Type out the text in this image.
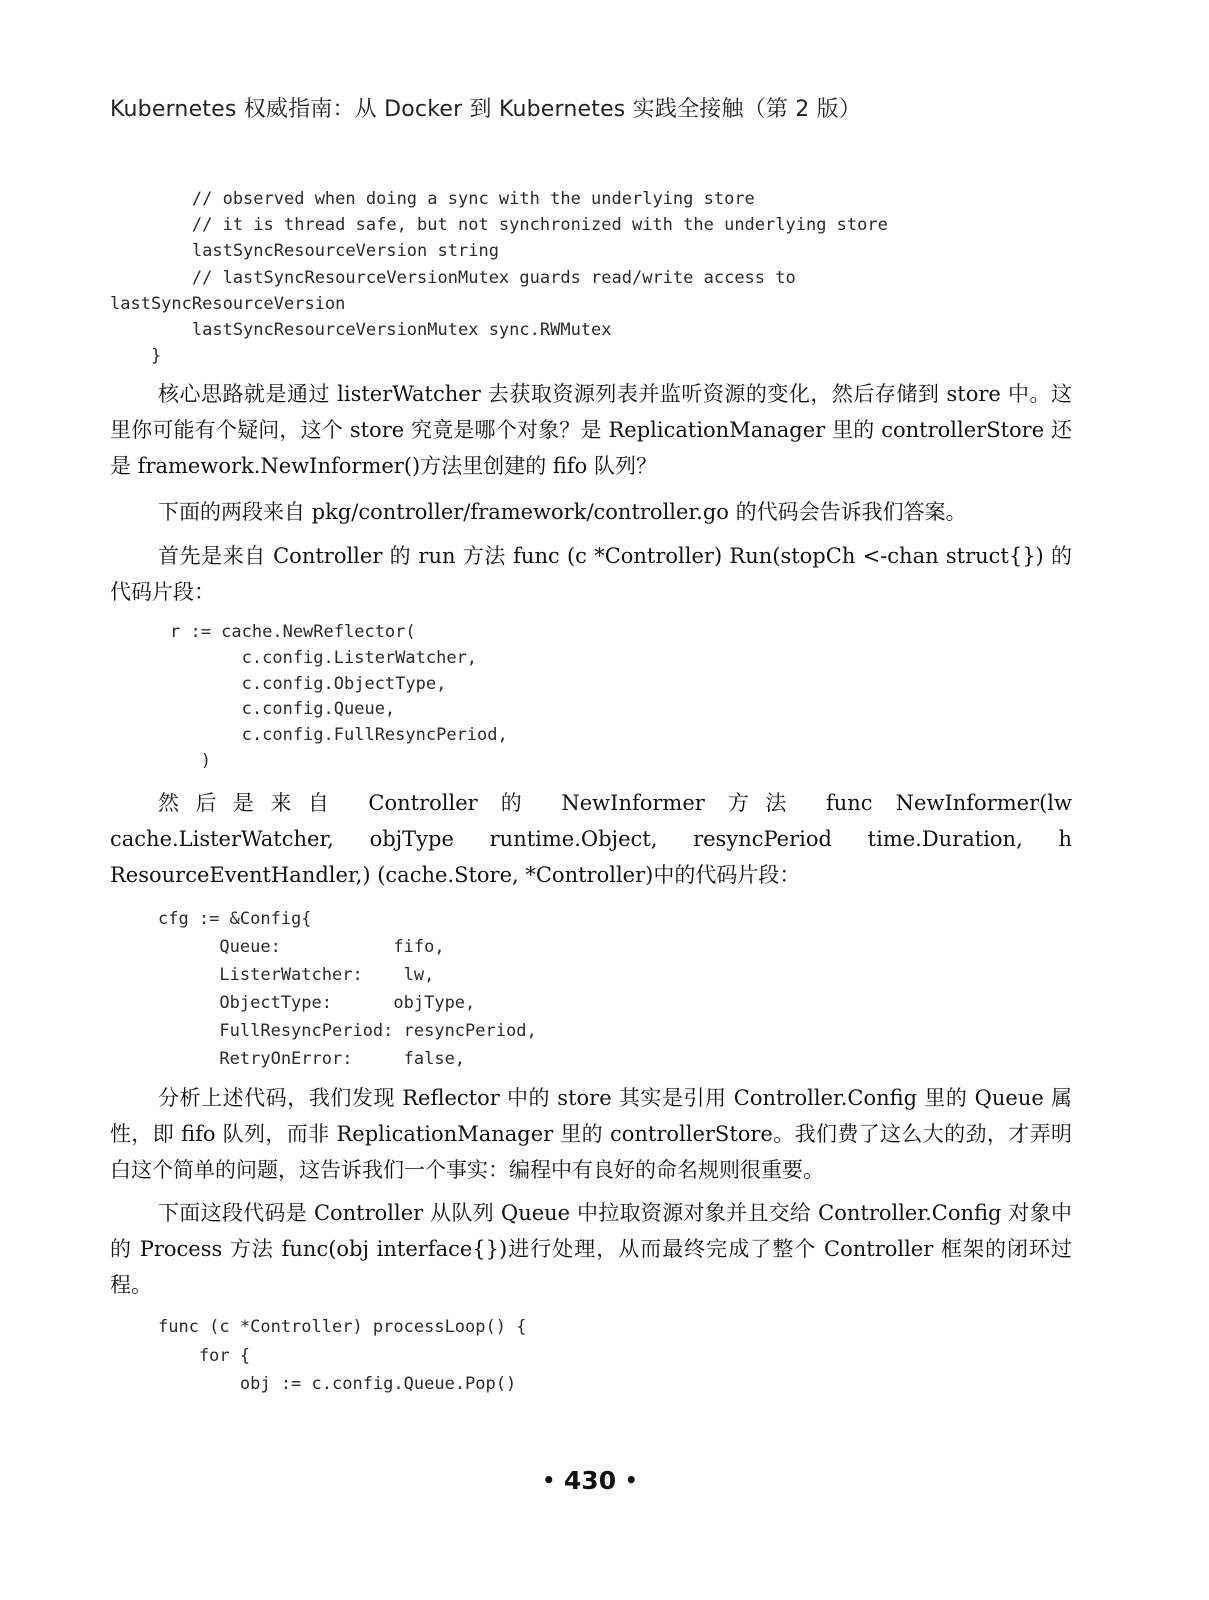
Kubernetes 权威指南：从 Docker 到 Kubernetes 实践全接触（第 2 版）
// observed when doing a sync with the underlying store
// it is thread safe, but not synchronized with the underlying store
lastSyncResourceVersion string
// lastSyncResourceVersionMutex guards read/write access to
lastSyncResourceVersion
lastSyncResourceVersionMutex sync.RWMutex
}

核心思路就是通过 listerWatcher 去获取资源列表并监听资源的变化，然后存储到 store 中。这里你可能有个疑问，这个 store 究竟是哪个对象？是 ReplicationManager 里的 controllerStore 还是 framework.NewInformer()方法里创建的 fifo 队列？

下面的两段来自 pkg/controller/framework/controller.go 的代码会告诉我们答案。

首先是来自 Controller 的 run 方法 func (c *Controller) Run(stopCh <-chan struct{}) 的代码片段：

r := cache.NewReflector(
c.config.ListerWatcher,
c.config.ObjectType,
c.config.Queue,
c.config.FullResyncPeriod,
)

然后是来自 Controller 的 NewInformer 方法 func NewInformer(lw cache.ListerWatcher, objType runtime.Object, resyncPeriod time.Duration, h ResourceEventHandler,) (cache.Store, *Controller)中的代码片段：

cfg := &Config{
Queue:           fifo,
ListerWatcher:    lw,
ObjectType:      objType,
FullResyncPeriod: resyncPeriod,
RetryOnError:     false,

分析上述代码，我们发现 Reflector 中的 store 其实是引用 Controller.Config 里的 Queue 属性，即 fifo 队列，而非 ReplicationManager 里的 controllerStore。我们费了这么大的劲，才弄明白这个简单的问题，这告诉我们一个事实：编程中有良好的命名规则很重要。

下面这段代码是 Controller 从队列 Queue 中拉取资源对象并且交给 Controller.Config 对象中的 Process 方法 func(obj interface{})进行处理，从而最终完成了整个 Controller 框架的闭环过程。

func (c *Controller) processLoop() {
for {
obj := c.config.Queue.Pop()
• 430 •
